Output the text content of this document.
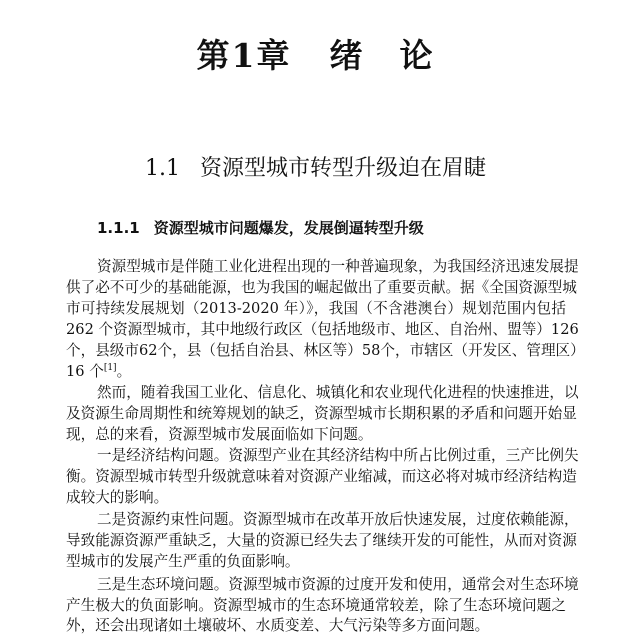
第1章 绪　论
1.1 资源型城市转型升级迫在眉睫
1.1.1 资源型城市问题爆发，发展倒逼转型升级
资源型城市是伴随工业化进程出现的一种普遍现象，为我国经济迅速发展提
供了必不可少的基础能源，也为我国的崛起做出了重要贡献。据《全国资源型城
市可持续发展规划（2013-2020 年）》，我国（不含港澳台）规划范围内包括
262 个资源型城市，其中地级行政区（包括地级市、地区、自治州、盟等）126
个，县级市62个，县（包括自治县、林区等）58个，市辖区（开发区、管理区）
16 个[1]。
然而，随着我国工业化、信息化、城镇化和农业现代化进程的快速推进，以
及资源生命周期性和统筹规划的缺乏，资源型城市长期积累的矛盾和问题开始显
现，总的来看，资源型城市发展面临如下问题。
一是经济结构问题。资源型产业在其经济结构中所占比例过重，三产比例失
衡。资源型城市转型升级就意味着对资源产业缩减，而这必将对城市经济结构造
成较大的影响。
二是资源约束性问题。资源型城市在改革开放后快速发展，过度依赖能源，
导致能源资源严重缺乏，大量的资源已经失去了继续开发的可能性，从而对资源
型城市的发展产生严重的负面影响。
三是生态环境问题。资源型城市资源的过度开发和使用，通常会对生态环境
产生极大的负面影响。资源型城市的生态环境通常较差，除了生态环境问题之
外，还会出现诸如土壤破坏、水质变差、大气污染等多方面问题。
